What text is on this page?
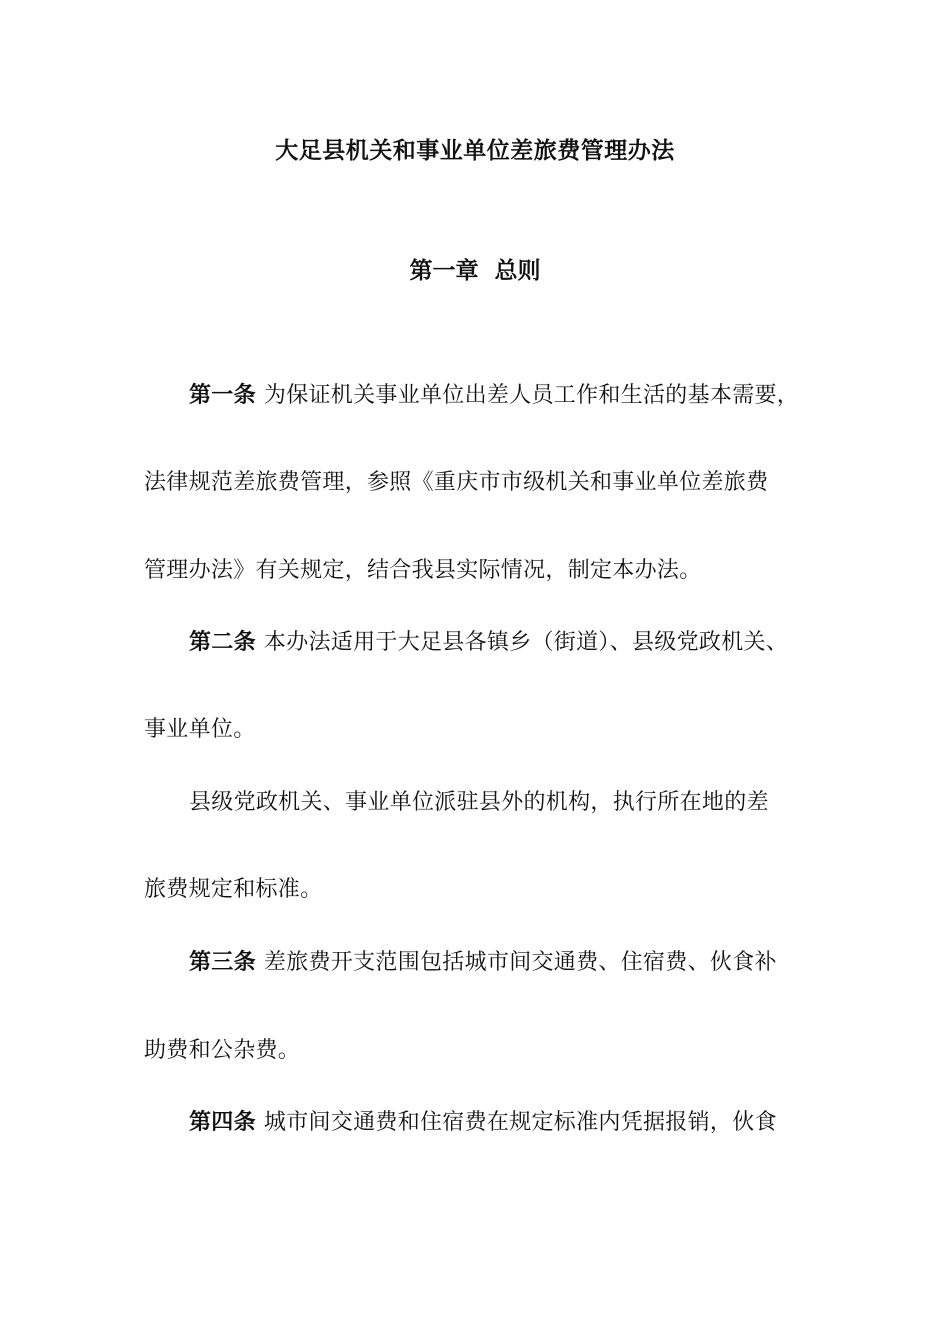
大足县机关和事业单位差旅费管理办法
第一章 总则
第一条 为保证机关事业单位出差人员工作和生活的基本需要，
法律规范差旅费管理，参照《重庆市市级机关和事业单位差旅费
管理办法》有关规定，结合我县实际情况，制定本办法。
第二条 本办法适用于大足县各镇乡（街道）、县级党政机关、
事业单位。
县级党政机关、事业单位派驻县外的机构，执行所在地的差
旅费规定和标准。
第三条 差旅费开支范围包括城市间交通费、住宿费、伙食补
助费和公杂费。
第四条 城市间交通费和住宿费在规定标准内凭据报销，伙食
